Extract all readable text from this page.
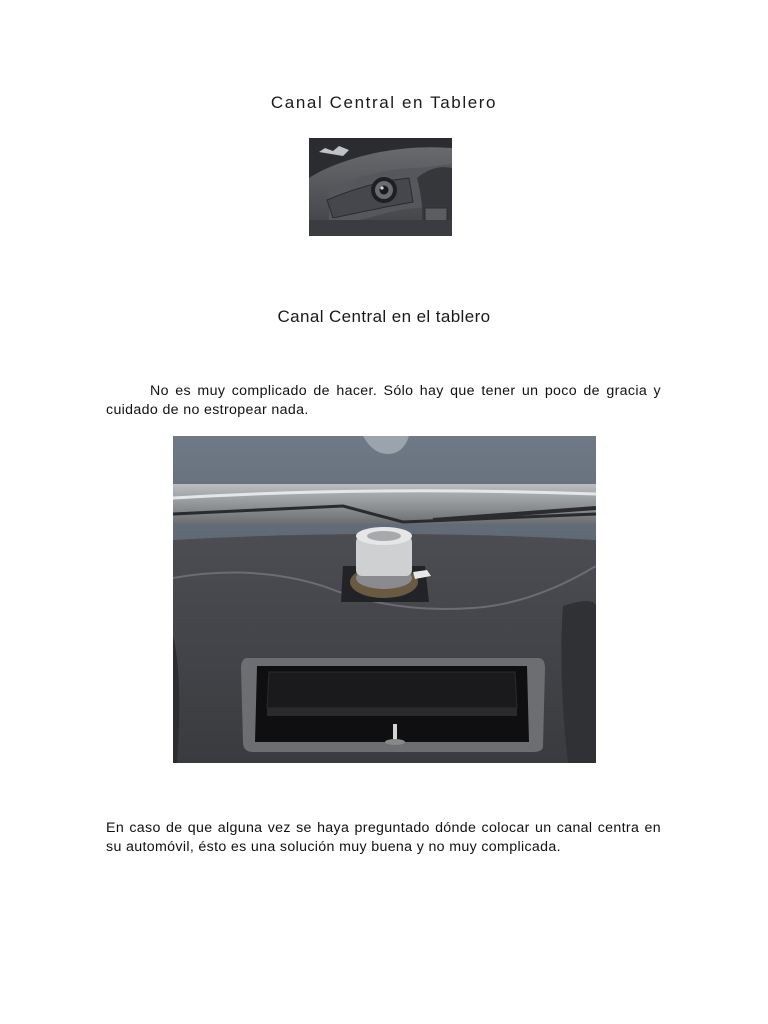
Canal Central en Tablero
Canal Central en el tablero

No es muy complicado de hacer. Sólo hay que tener un poco de gracia y cuidado de no estropear nada.

En caso de que alguna vez se haya preguntado dónde colocar un canal centra en su automóvil, ésto es una solución muy buena y no muy complicada.
